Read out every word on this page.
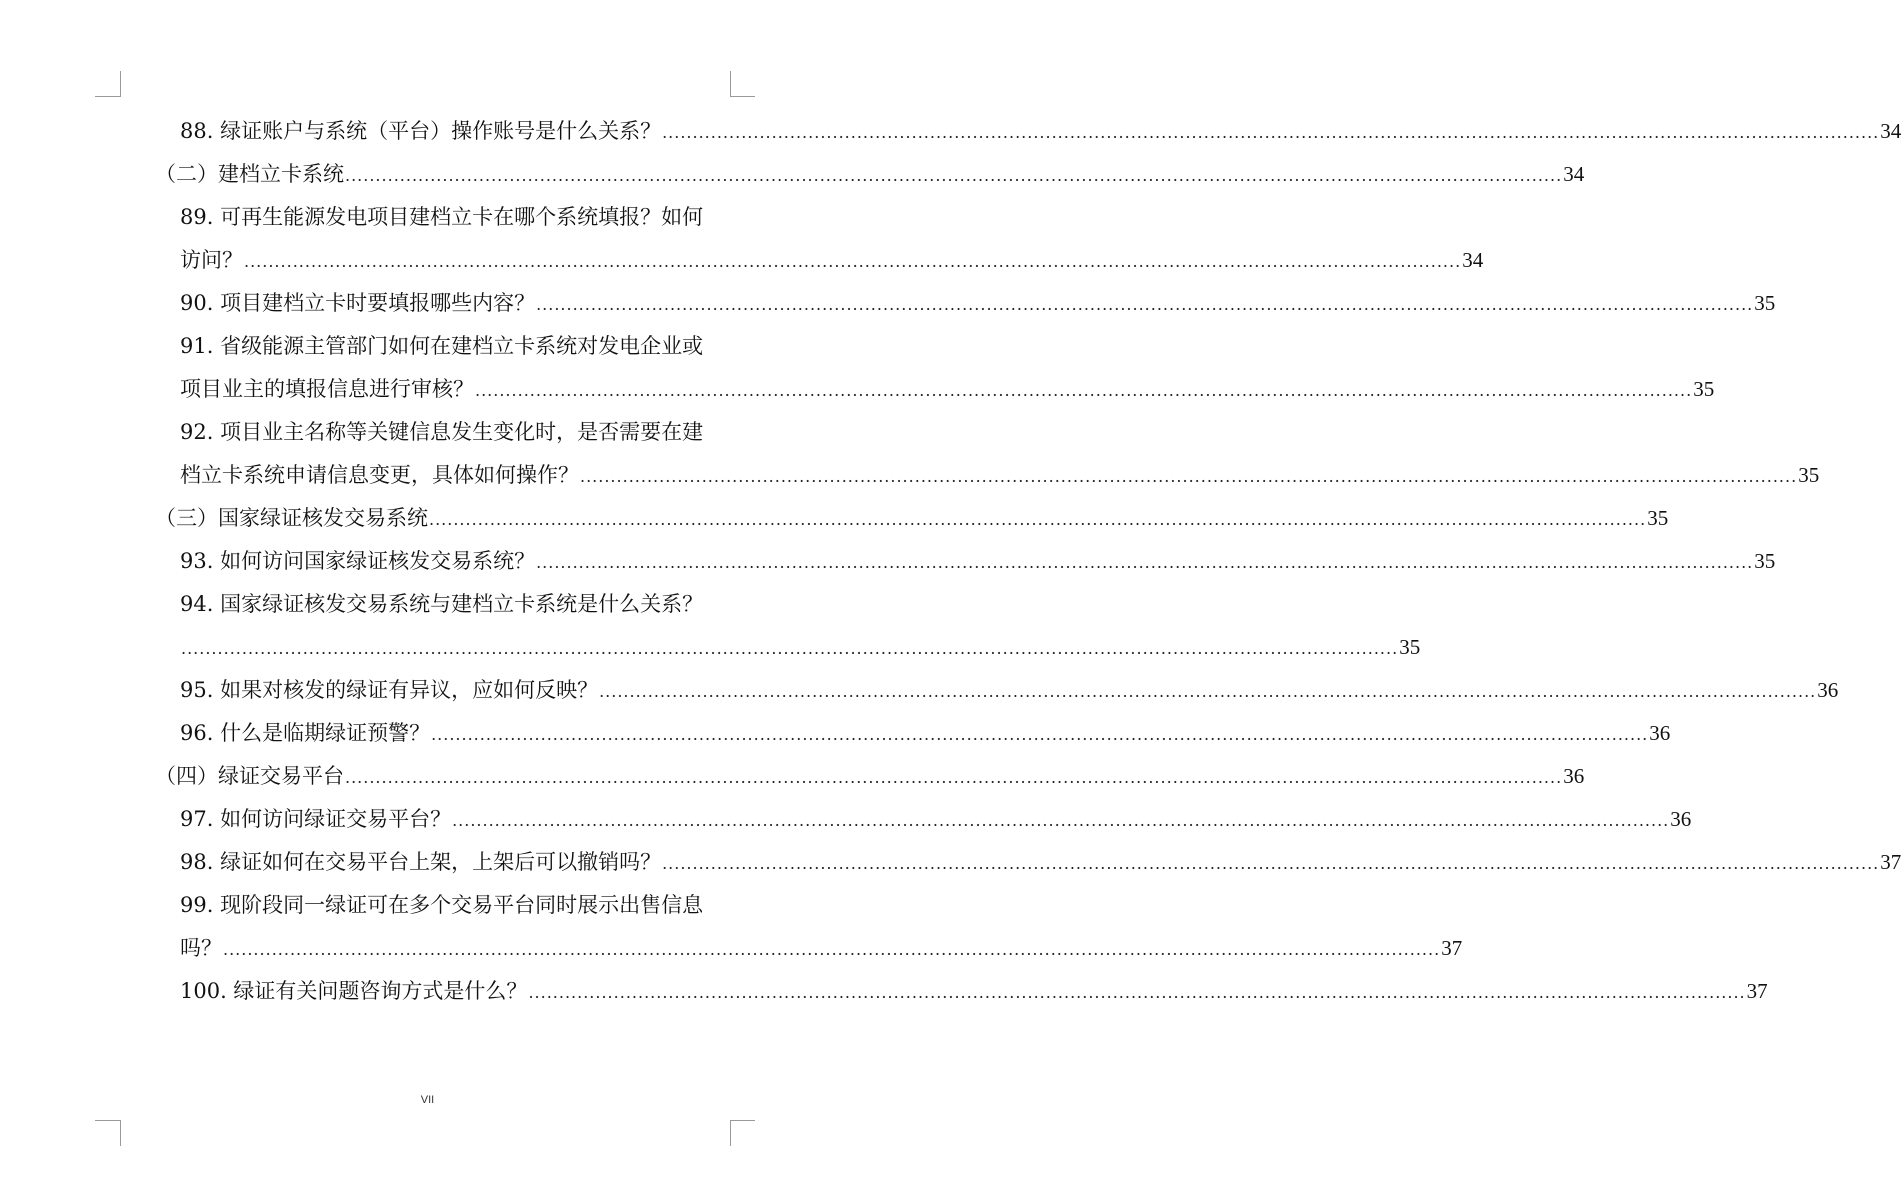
88. 绿证账户与系统（平台）操作账号是什么关系？ ........................................................................................................................................................................................................ 34
（二）建档立卡系统 ........................................................................................................................................................................................................ 34
89. 可再生能源发电项目建档立卡在哪个系统填报？如何
访问？ ........................................................................................................................................................................................................ 34
90. 项目建档立卡时要填报哪些内容？ ........................................................................................................................................................................................................ 35
91. 省级能源主管部门如何在建档立卡系统对发电企业或
项目业主的填报信息进行审核？ ........................................................................................................................................................................................................ 35
92. 项目业主名称等关键信息发生变化时，是否需要在建
档立卡系统申请信息变更，具体如何操作？ ........................................................................................................................................................................................................ 35
（三）国家绿证核发交易系统 ........................................................................................................................................................................................................ 35
93. 如何访问国家绿证核发交易系统？ ........................................................................................................................................................................................................ 35
94. 国家绿证核发交易系统与建档立卡系统是什么关系？
........................................................................................................................................................................................................ 35
95. 如果对核发的绿证有异议，应如何反映？ ........................................................................................................................................................................................................ 36
96. 什么是临期绿证预警？ ........................................................................................................................................................................................................ 36
（四）绿证交易平台 ........................................................................................................................................................................................................ 36
97. 如何访问绿证交易平台？ ........................................................................................................................................................................................................ 36
98. 绿证如何在交易平台上架，上架后可以撤销吗？ ........................................................................................................................................................................................................ 37
99. 现阶段同一绿证可在多个交易平台同时展示出售信息
吗？ ........................................................................................................................................................................................................ 37
100. 绿证有关问题咨询方式是什么？ ........................................................................................................................................................................................................ 37
VII
